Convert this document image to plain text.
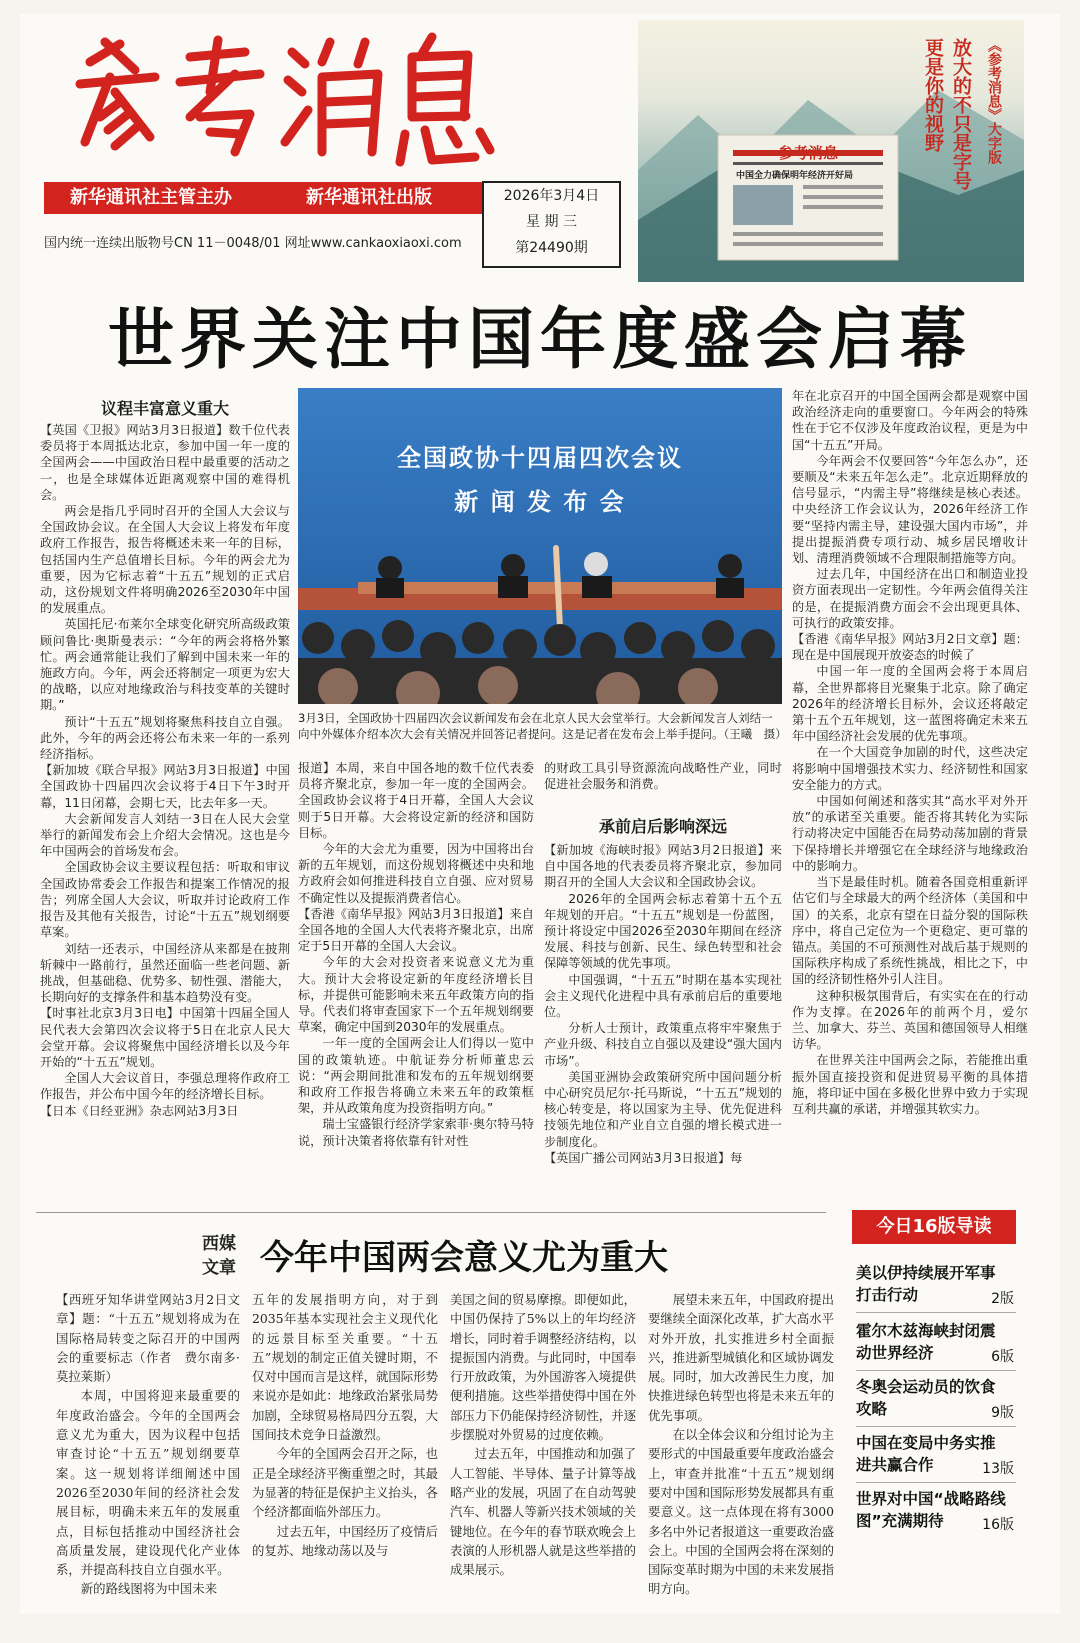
新华通讯社主管主办	新华通讯社出版
国内统一连续出版物号CN 11－0048/01 网址www.cankaoxiaoxi.com
2026年3月4日
星 期 三
第24490期
参考消息
中国全力确保明年经济开好局
《参考消息》大字版
放大的不只是字号
更是你的视野
世界关注中国年度盛会启幕
议程丰富意义重大

【英国《卫报》网站3月3日报道】数千位代表委员将于本周抵达北京，参加中国一年一度的全国两会——中国政治日程中最重要的活动之一，也是全球媒体近距离观察中国的难得机会。

两会是指几乎同时召开的全国人大会议与全国政协会议。在全国人大会议上将发布年度政府工作报告，报告将概述未来一年的目标，包括国内生产总值增长目标。今年的两会尤为重要，因为它标志着“十五五”规划的正式启动，这份规划文件将明确2026至2030年中国的发展重点。

英国托尼·布莱尔全球变化研究所高级政策顾问鲁比·奥斯曼表示：“今年的两会将格外繁忙。两会通常能让我们了解到中国未来一年的施政方向。今年，两会还将制定一项更为宏大的战略，以应对地缘政治与科技变革的关键时期。”

预计“十五五”规划将聚焦科技自立自强。此外，今年的两会还将公布未来一年的一系列经济指标。

【新加坡《联合早报》网站3月3日报道】中国全国政协十四届四次会议将于4日下午3时开幕，11日闭幕，会期七天，比去年多一天。

大会新闻发言人刘结一3日在人民大会堂举行的新闻发布会上介绍大会情况。这也是今年中国两会的首场发布会。

全国政协会议主要议程包括：听取和审议全国政协常委会工作报告和提案工作情况的报告；列席全国人大会议，听取并讨论政府工作报告及其他有关报告，讨论“十五五”规划纲要草案。

刘结一还表示，中国经济从来都是在披荆斩棘中一路前行，虽然还面临一些老问题、新挑战，但基础稳、优势多、韧性强、潜能大，长期向好的支撑条件和基本趋势没有变。

【时事社北京3月3日电】中国第十四届全国人民代表大会第四次会议将于5日在北京人民大会堂开幕。会议将聚焦中国经济增长以及今年开始的“十五五”规划。

全国人大会议首日，李强总理将作政府工作报告，并公布中国今年的经济增长目标。

【日本《日经亚洲》杂志网站3月3日

全国政协十四届四次会议
新 闻 发 布 会
3月3日，全国政协十四届四次会议新闻发布会在北京人民大会堂举行。大会新闻发言人刘结一向中外媒体介绍本次大会有关情况并回答记者提问。这是记者在发布会上举手提问。（王曦　摄）

报道】本周，来自中国各地的数千位代表委员将齐聚北京，参加一年一度的全国两会。全国政协会议将于4日开幕，全国人大会议则于5日开幕。大会将设定新的经济和国防目标。

今年的大会尤为重要，因为中国将出台新的五年规划，而这份规划将概述中央和地方政府会如何推进科技自立自强、应对贸易不确定性以及提振消费者信心。

【香港《南华早报》网站3月3日报道】来自全国各地的全国人大代表将齐聚北京，出席定于5日开幕的全国人大会议。

今年的大会对投资者来说意义尤为重大。预计大会将设定新的年度经济增长目标，并提供可能影响未来五年政策方向的指导。代表们将审查国家下一个五年规划纲要草案，确定中国到2030年的发展重点。

一年一度的全国两会让人们得以一览中国的政策轨迹。中航证券分析师董忠云说：“两会期间批准和发布的五年规划纲要和政府工作报告将确立未来五年的政策框架，并从政策角度为投资指明方向。”

瑞士宝盛银行经济学家索菲·奥尔特马特说，预计决策者将依靠有针对性

的财政工具引导资源流向战略性产业，同时促进社会服务和消费。

承前启后影响深远

【新加坡《海峡时报》网站3月2日报道】来自中国各地的代表委员将齐聚北京，参加同期召开的全国人大会议和全国政协会议。

2026年的全国两会标志着第十五个五年规划的开启。“十五五”规划是一份蓝图，预计将设定中国2026至2030年期间在经济发展、科技与创新、民生、绿色转型和社会保障等领域的优先事项。

中国强调，“十五五”时期在基本实现社会主义现代化进程中具有承前启后的重要地位。

分析人士预计，政策重点将牢牢聚焦于产业升级、科技自立自强以及建设“强大国内市场”。

美国亚洲协会政策研究所中国问题分析中心研究员尼尔·托马斯说，“十五五”规划的核心转变是，将以国家为主导、优先促进科技领先地位和产业自立自强的增长模式进一步制度化。

【英国广播公司网站3月3日报道】每

年在北京召开的中国全国两会都是观察中国政治经济走向的重要窗口。今年两会的特殊性在于它不仅涉及年度政治议程，更是为中国“十五五”开局。

今年两会不仅要回答“今年怎么办”，还要顺及“未来五年怎么走”。北京近期释放的信号显示，“内需主导”将继续是核心表述。中央经济工作会议认为，2026年经济工作要“坚持内需主导，建设强大国内市场”，并提出提振消费专项行动、城乡居民增收计划、清理消费领域不合理限制措施等方向。

过去几年，中国经济在出口和制造业投资方面表现出一定韧性。今年两会值得关注的是，在提振消费方面会不会出现更具体、可执行的政策安排。

【香港《南华早报》网站3月2日文章】题：现在是中国展现开放姿态的时候了

中国一年一度的全国两会将于本周启幕，全世界都将目光聚集于北京。除了确定2026年的经济增长目标外，会议还将敲定第十五个五年规划，这一蓝图将确定未来五年中国经济社会发展的优先事项。

在一个大国竞争加剧的时代，这些决定将影响中国增强技术实力、经济韧性和国家安全能力的方式。

中国如何阐述和落实其“高水平对外开放”的承诺至关重要。能否将其转化为实际行动将决定中国能否在局势动荡加剧的背景下保持增长并增强它在全球经济与地缘政治中的影响力。

当下是最佳时机。随着各国竞相重新评估它们与全球最大的两个经济体（美国和中国）的关系，北京有望在日益分裂的国际秩序中，将自己定位为一个更稳定、更可靠的锚点。美国的不可预测性对战后基于规则的国际秩序构成了系统性挑战，相比之下，中国的经济韧性格外引人注目。

这种积极氛围背后，有实实在在的行动作为支撑。在2026年的前两个月，爱尔兰、加拿大、芬兰、英国和德国领导人相继访华。

在世界关注中国两会之际，若能推出重振外国直接投资和促进贸易平衡的具体措施，将印证中国在多极化世界中致力于实现互利共赢的承诺，并增强其软实力。

西媒文章 今年中国两会意义尤为重大

【西班牙知华讲堂网站3月2日文章】题：“十五五”规划将成为在国际格局转变之际召开的中国两会的重要标志（作者　费尔南多·莫拉莱斯）

本周，中国将迎来最重要的年度政治盛会。今年的全国两会意义尤为重大，因为议程中包括审查讨论“十五五”规划纲要草案。这一规划将详细阐述中国2026至2030年间的经济社会发展目标，明确未来五年的发展重点，目标包括推动中国经济社会高质量发展，建设现代化产业体系，并提高科技自立自强水平。

新的路线图将为中国未来

五年的发展指明方向，对于到2035年基本实现社会主义现代化的远景目标至关重要。“十五五”规划的制定正值关键时期，不仅对中国而言是这样，就国际形势来说亦是如此：地缘政治紧张局势加剧，全球贸易格局四分五裂，大国间技术竞争日益激烈。

今年的全国两会召开之际，也正是全球经济平衡重塑之时，其最为显著的特征是保护主义抬头，各个经济都面临外部压力。

过去五年，中国经历了疫情后的复苏、地缘动荡以及与

美国之间的贸易摩擦。即便如此，中国仍保持了5%以上的年均经济增长，同时着手调整经济结构，以提振国内消费。与此同时，中国奉行开放政策，为外国游客入境提供便利措施。这些举措使得中国在外部压力下仍能保持经济韧性，并逐步摆脱对外贸易的过度依赖。

过去五年，中国推动和加强了人工智能、半导体、量子计算等战略产业的发展，巩固了在自动驾驶汽车、机器人等新兴技术领域的关键地位。在今年的春节联欢晚会上表演的人形机器人就是这些举措的成果展示。

展望未来五年，中国政府提出要继续全面深化改革，扩大高水平对外开放，扎实推进乡村全面振兴，推进新型城镇化和区域协调发展。同时，加大改善民生力度，加快推进绿色转型也将是未来五年的优先事项。

在以全体会议和分组讨论为主要形式的中国最重要年度政治盛会上，审查并批准“十五五”规划纲要对中国和国际形势发展都具有重要意义。这一点体现在将有3000多名中外记者报道这一重要政治盛会上。中国的全国两会将在深刻的国际变革时期为中国的未来发展指明方向。

今日16版导读
美以伊持续展开军事打击行动	2版
霍尔木兹海峡封闭震动世界经济	6版
冬奥会运动员的饮食攻略	9版
中国在变局中务实推进共赢合作	13版
世界对中国“战略路线图”充满期待	16版
